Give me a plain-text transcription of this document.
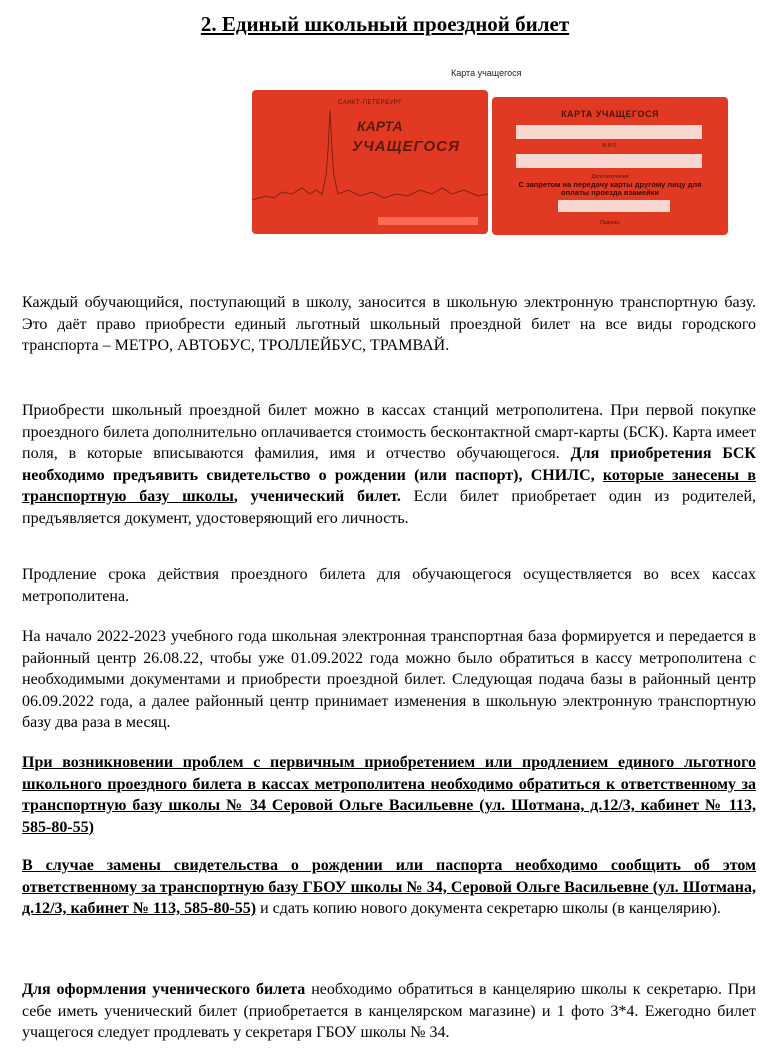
2. Единый школьный проездной билет
Карта учащегося
САНКТ-ПЕТЕРБУРГ
КАРТА
УЧАЩЕГОСЯ
КАРТА УЧАЩЕГОСЯ
Ф.И.О.
Дата получения
С запретом на передачу карты другому лицу для оплаты проезда взамейки
Подпись
Каждый обучающийся, поступающий в школу, заносится в школьную электронную транспортную базу. Это даёт право приобрести единый льготный школьный проездной билет на все виды городского транспорта – МЕТРО, АВТОБУС, ТРОЛЛЕЙБУС, ТРАМВАЙ.
Приобрести школьный проездной билет можно в кассах станций метрополитена. При первой покупке проездного билета дополнительно оплачивается стоимость бесконтактной смарт-карты (БСК). Карта имеет поля, в которые вписываются фамилия, имя и отчество обучающегося. Для приобретения БСК необходимо предъявить свидетельство о рождении (или паспорт), СНИЛС, которые занесены в транспортную базу школы, ученический билет. Если билет приобретает один из родителей, предъявляется документ, удостоверяющий его личность.
Продление срока действия проездного билета для обучающегося осуществляется во всех кассах метрополитена.
На начало 2022-2023 учебного года школьная электронная транспортная база формируется и передается в районный центр 26.08.22, чтобы уже 01.09.2022 года можно было обратиться в кассу метрополитена с необходимыми документами и приобрести проездной билет. Следующая подача базы в районный центр 06.09.2022 года, а далее районный центр принимает изменения в школьную электронную транспортную базу два раза в месяц.
При возникновении проблем с первичным приобретением или продлением единого льготного школьного проездного билета в кассах метрополитена необходимо обратиться к ответственному за транспортную базу школы № 34 Серовой Ольге Васильевне (ул. Шотмана, д.12/3, кабинет № 113, 585-80-55)
В случае замены свидетельства о рождении или паспорта необходимо сообщить об этом ответственному за транспортную базу ГБОУ школы № 34, Серовой Ольге Васильевне (ул. Шотмана, д.12/3, кабинет № 113, 585-80-55) и сдать копию нового документа секретарю школы (в канцелярию).
Для оформления ученического билета необходимо обратиться в канцелярию школы к секретарю. При себе иметь ученический билет (приобретается в канцелярском магазине) и 1 фото 3*4. Ежегодно билет учащегося следует продлевать у секретаря ГБОУ школы № 34.
